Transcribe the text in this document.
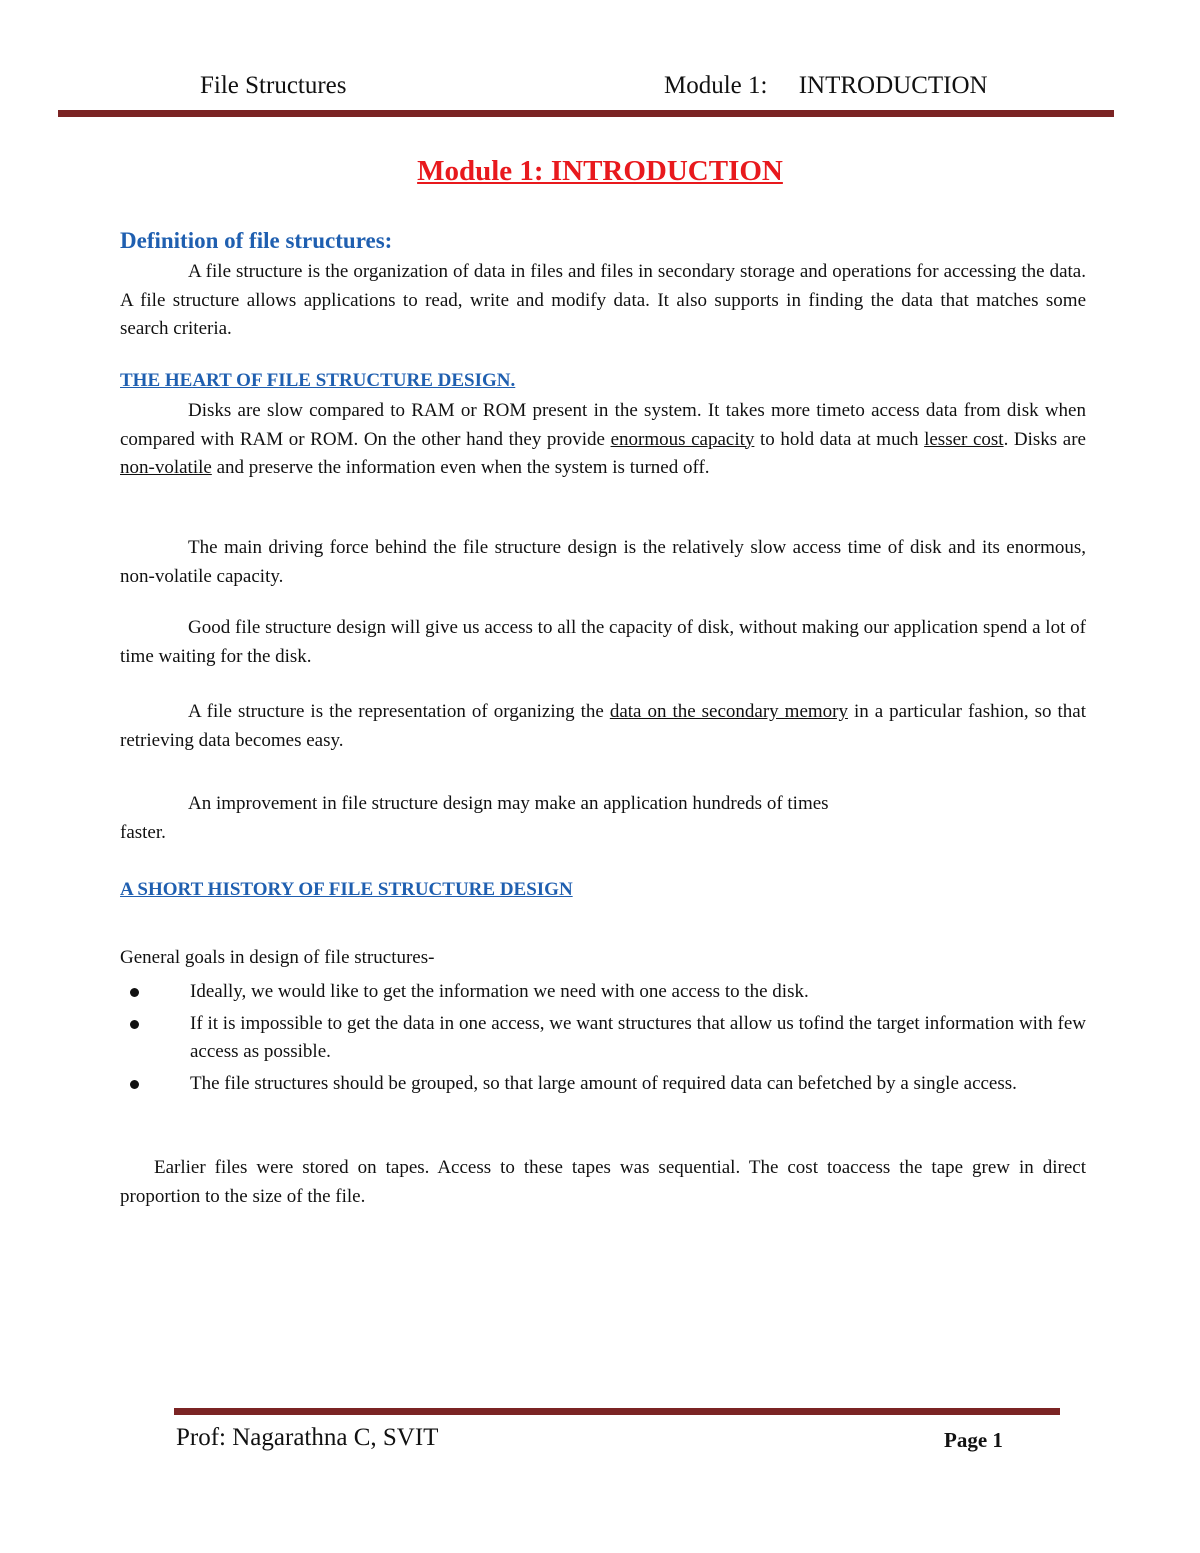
File Structures	Module 1:     INTRODUCTION
Module 1: INTRODUCTION
Definition of file structures:
A file structure is the organization of data in files and files in secondary storage and operations for accessing the data. A file structure allows applications to read, write and modify data. It also supports in finding the data that matches some search criteria.
THE HEART OF FILE STRUCTURE DESIGN.
Disks are slow compared to RAM or ROM present in the system. It takes more timeto access data from disk when compared with RAM or ROM. On the other hand they provide enormous capacity to hold data at much lesser cost. Disks are non-volatile and preserve the information even when the system is turned off.
The main driving force behind the file structure design is the relatively slow access time of disk and its enormous, non-volatile capacity.
Good file structure design will give us access to all the capacity of disk, without making our application spend a lot of time waiting for the disk.
A file structure is the representation of organizing the data on the secondary memory in a particular fashion, so that retrieving data becomes easy.
An improvement in file structure design may make an application hundreds of times
faster.
A SHORT HISTORY OF FILE STRUCTURE DESIGN
General goals in design of file structures-
Ideally, we would like to get the information we need with one access to the disk.
If it is impossible to get the data in one access, we want structures that allow us tofind the target information with few access as possible.
The file structures should be grouped, so that large amount of required data can befetched by a single access.
Earlier files were stored on tapes. Access to these tapes was sequential. The cost toaccess the tape grew in direct proportion to the size of the file.
Prof: Nagarathna C, SVIT	Page 1
